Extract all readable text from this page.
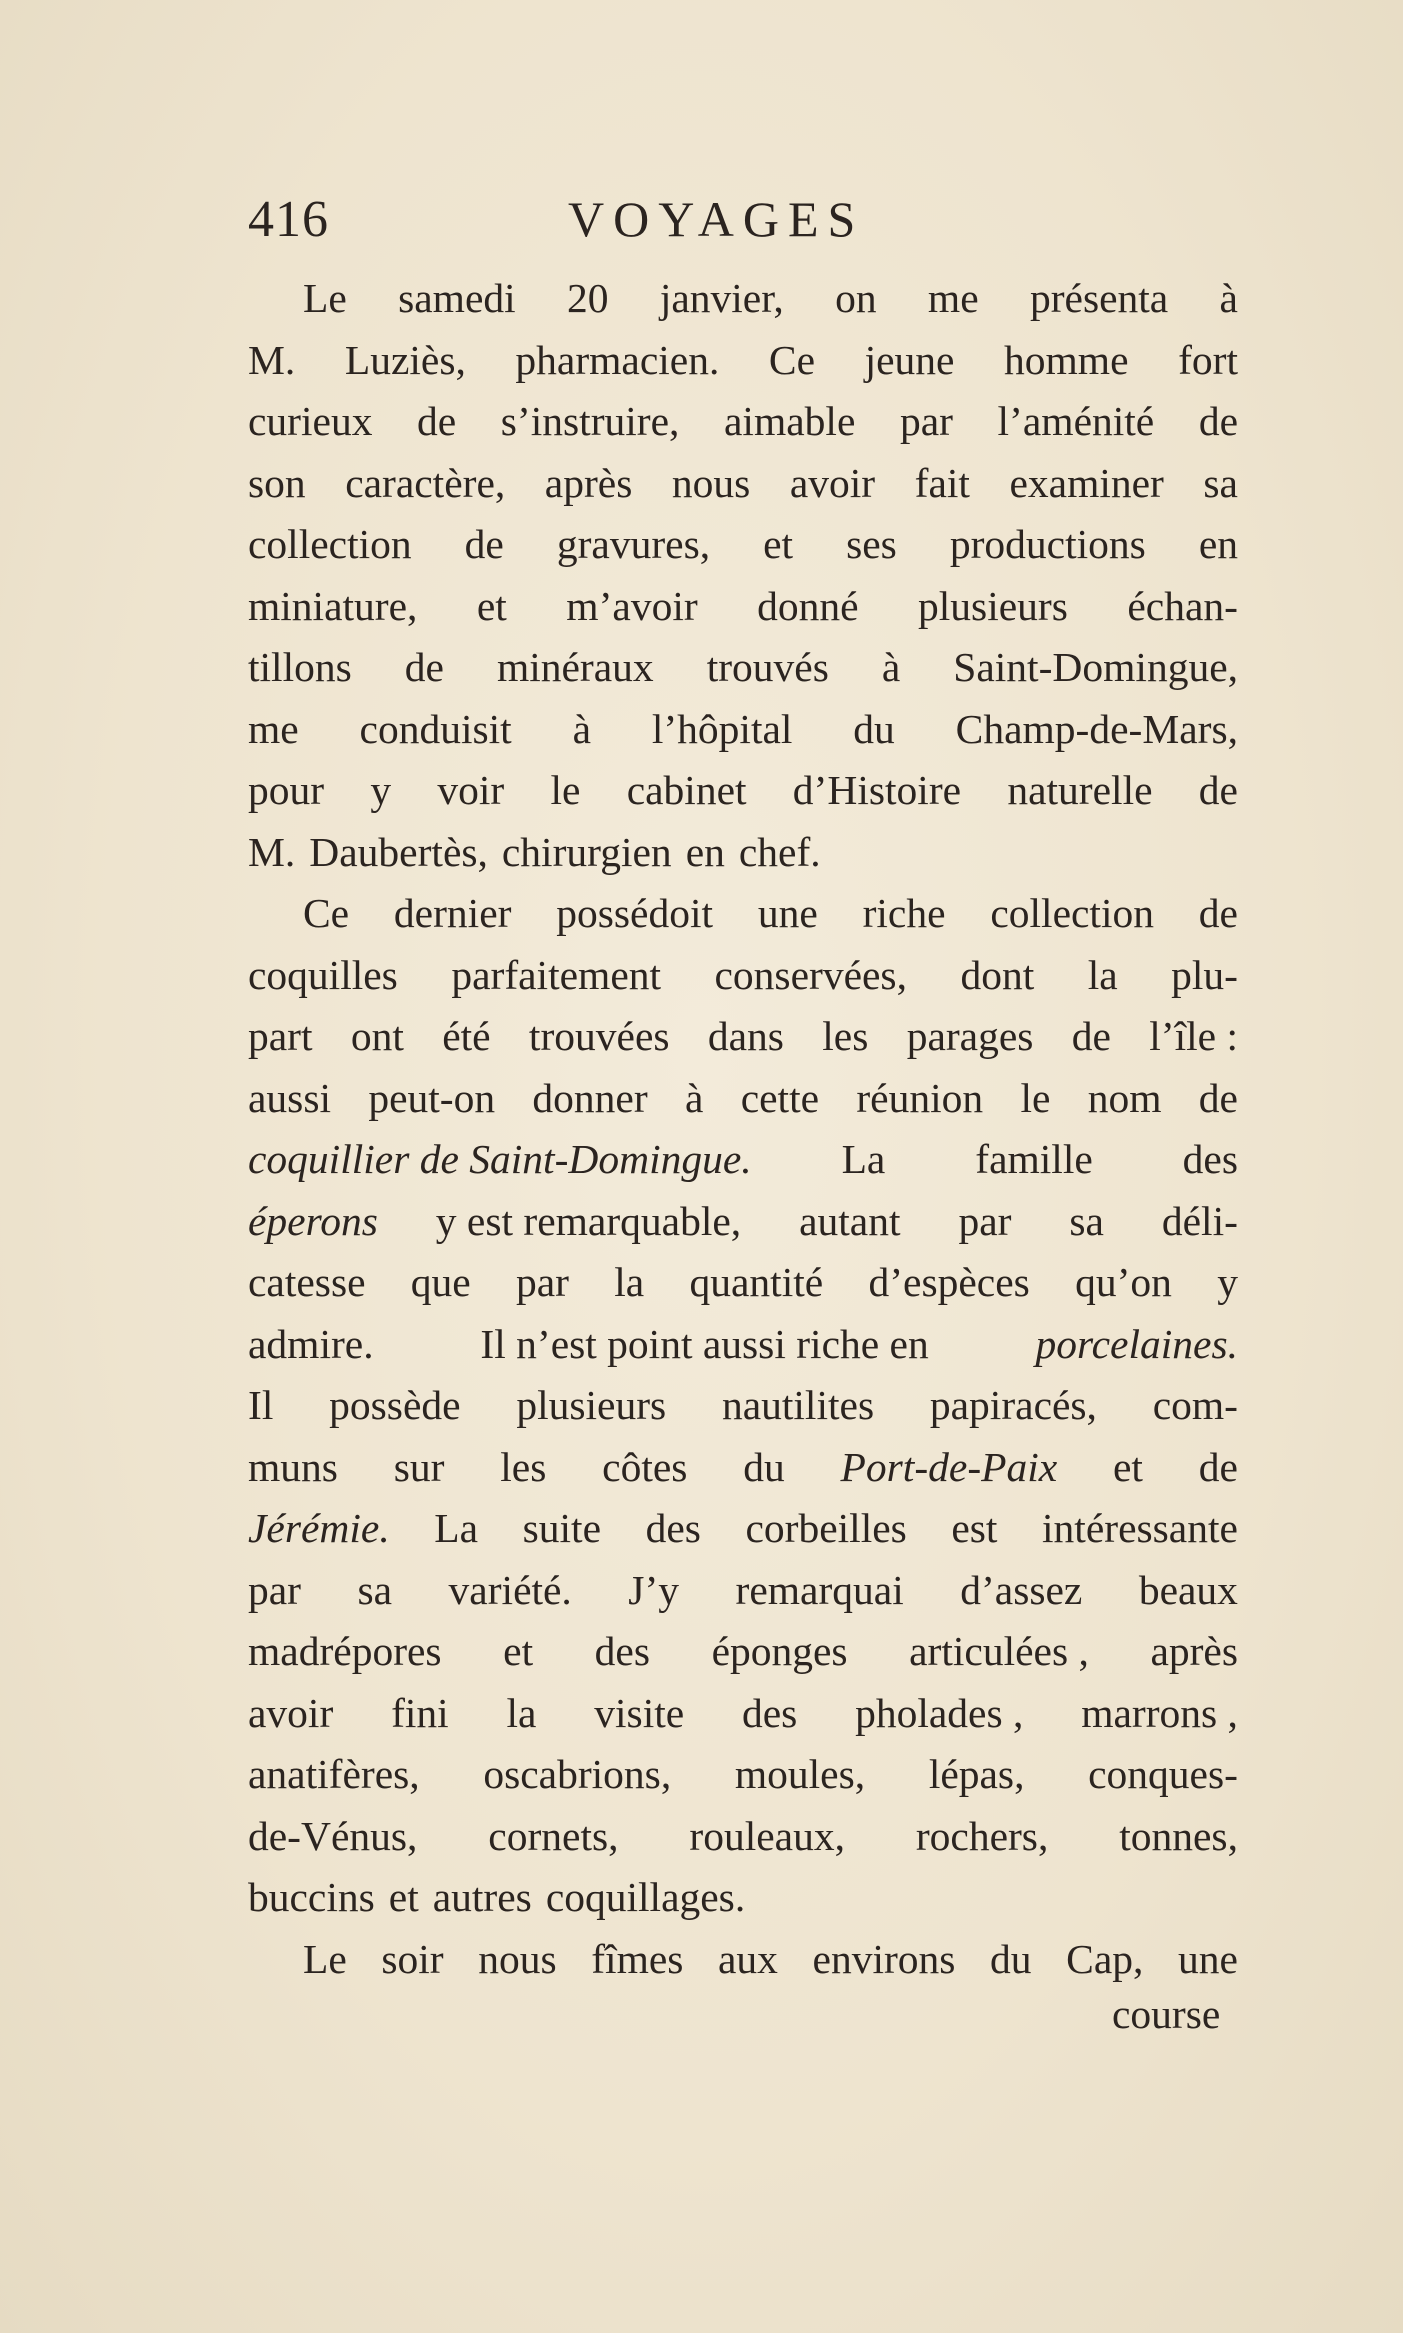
416	VOYAGES
Le samedi 20 janvier, on me présenta à
M. Luziès, pharmacien. Ce jeune homme fort
curieux de s’instruire, aimable par l’aménité de
son caractère, après nous avoir fait examiner sa
collection de gravures, et ses productions en
miniature, et m’avoir donné plusieurs échan-
tillons de minéraux trouvés à Saint-Domingue,
me conduisit à l’hôpital du Champ-de-Mars,
pour y voir le cabinet d’Histoire naturelle de
M. Daubertès, chirurgien en chef.
Ce dernier possédoit une riche collection de
coquilles parfaitement conservées, dont la plu-
part ont été trouvées dans les parages de l’île :
aussi peut-on donner à cette réunion le nom de
coquillier de Saint-Domingue. La famille des
éperons y est remarquable, autant par sa déli-
catesse que par la quantité d’espèces qu’on y
admire.	Il n’est point aussi riche en	porcelaines.
Il possède plusieurs nautilites papiracés, com-
muns sur les côtes du Port-de-Paix et de
Jérémie. La suite des corbeilles est intéressante
par sa variété. J’y remarquai d’assez beaux
madrépores et des éponges articulées , après
avoir fini la visite des pholades , marrons ,
anatifères, oscabrions, moules, lépas, conques-
de-Vénus, cornets, rouleaux, rochers, tonnes,
buccins et autres coquillages.
Le soir nous fîmes aux environs du Cap, une
course
